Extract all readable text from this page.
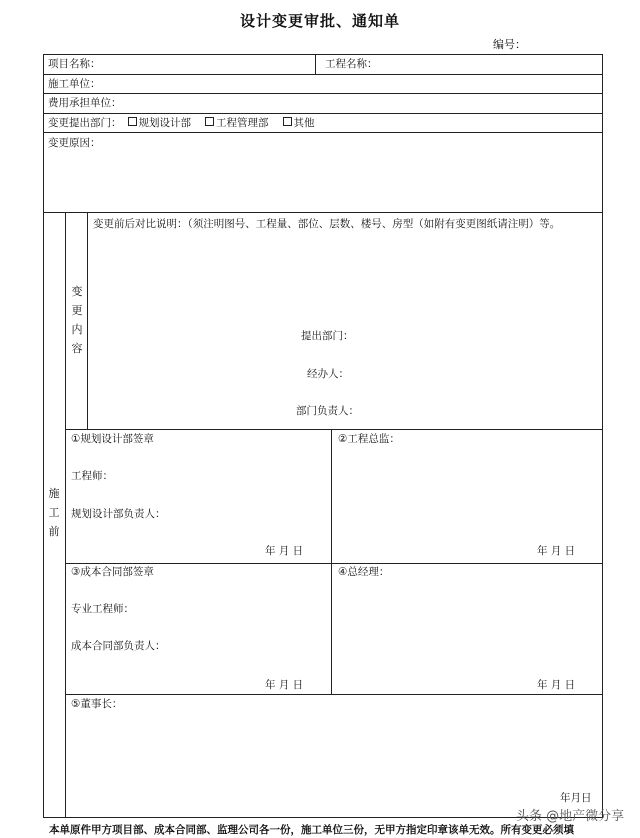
设计变更审批、通知单
编号：
项目名称：	工程名称：
施工单位：
费用承担单位：
变更提出部门： 规划设计部 工程管理部 其他
变更原因：
施工前
变更内容
变更前后对比说明：（须注明图号、工程量、部位、层数、楼号、房型（如附有变更图纸请注明）等。
提出部门：
经办人：
部门负责人：
①规划设计部签章
工程师：
规划设计部负责人：
年 月 日
②工程总监：
年 月 日
③成本合同部签章
专业工程师：
成本合同部负责人：
年 月 日
④总经理：
年 月 日
⑤董事长：
年月日
本单原件甲方项目部、成本合同部、监理公司各一份，施工单位三份，无甲方指定印章该单无效。所有变更必须填
头条 @地产微分享
